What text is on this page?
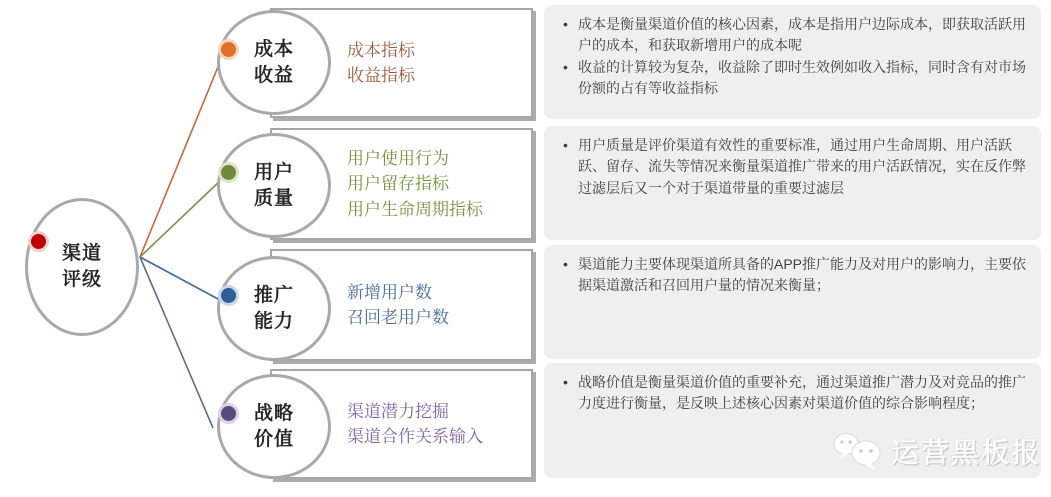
• 成本是衡量渠道价值的核心因素，成本是指用户边际成本，即获取活跃用户的成本，和获取新增用户的成本呢
• 收益的计算较为复杂，收益除了即时生效例如收入指标，同时含有对市场份额的占有等收益指标
• 用户质量是评价渠道有效性的重要标准，通过用户生命周期、用户活跃跃、留存、流失等情况来衡量渠道推广带来的用户活跃情况，实在反作弊过滤层后又一个对于渠道带量的重要过滤层
• 渠道能力主要体现渠道所具备的APP推广能力及对用户的影响力，主要依据渠道激活和召回用户量的情况来衡量；
• 战略价值是衡量渠道价值的重要补充，通过渠道推广潜力及对竞品的推广力度进行衡量，是反映上述核心因素对渠道价值的综合影响程度；
渠道
评级
成本指标
收益指标
成本
收益
用户使用行为
用户留存指标
用户生命周期指标
用户
质量
新增用户数
召回老用户数
推广
能力
渠道潜力挖掘
渠道合作关系输入
战略
价值	运营黑板报
